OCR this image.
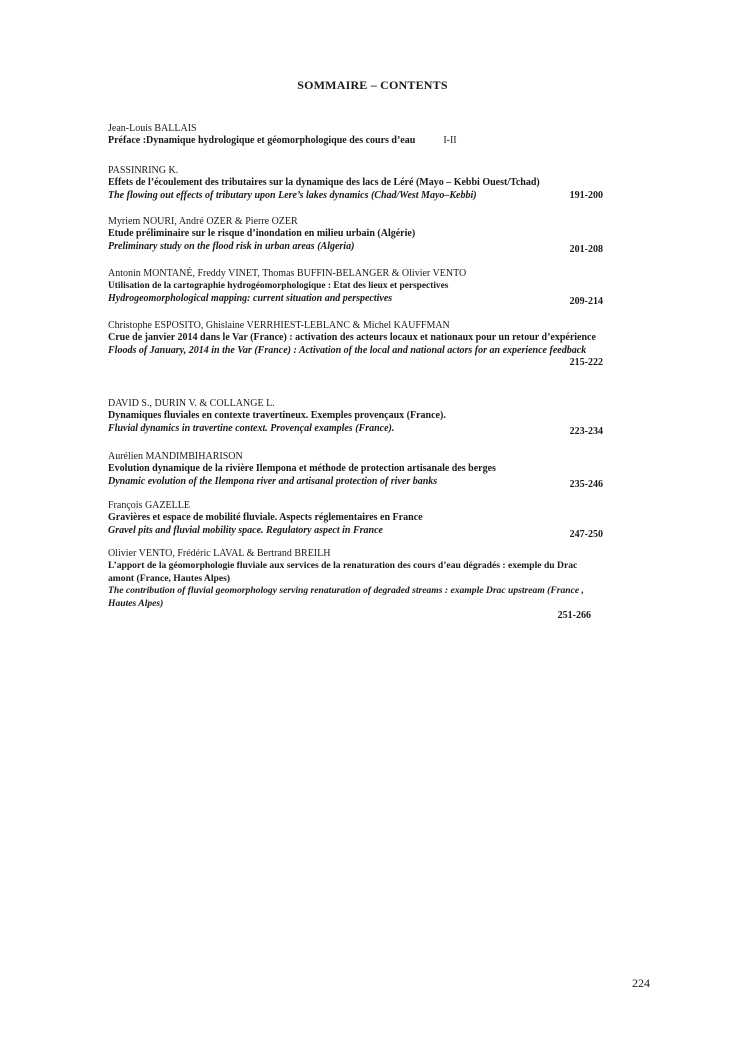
SOMMAIRE – CONTENTS
Jean-Louis BALLAIS
Préface :Dynamique hydrologique et géomorphologique des cours d’eau	I-II
PASSINRING K.
Effets de l’écoulement des tributaires sur la dynamique des lacs de Léré (Mayo – Kebbi Ouest/Tchad)
The flowing out effects of tributary upon Lere’s lakes dynamics (Chad/West Mayo–Kebbi)	191-200
Myriem NOURI, André OZER & Pierre OZER
Etude préliminaire sur le risque d’inondation en milieu urbain (Algérie)
Preliminary study on the flood risk in urban areas (Algeria)	201-208
Antonin MONTANÉ, Freddy VINET, Thomas BUFFIN-BELANGER & Olivier VENTO
Utilisation de la cartographie hydrogéomorphologique : Etat des lieux et perspectives
Hydrogeomorphological mapping: current situation and perspectives	209-214
Christophe ESPOSITO, Ghislaine VERRHIEST-LEBLANC & Michel KAUFFMAN
Crue de janvier 2014 dans le Var (France) : activation des acteurs locaux et nationaux pour un retour d’expérience
Floods of January, 2014 in the Var (France) : Activation of the local and national actors for an experience feedback
215-222
DAVID S., DURIN V. & COLLANGE L.
Dynamiques fluviales en contexte travertineux. Exemples provençaux (France).
Fluvial dynamics in travertine context. Provençal examples (France).	223-234
Aurélien MANDIMBIHARISON
Evolution dynamique de la rivière Ilempona et méthode de protection artisanale des berges
Dynamic evolution of the Ilempona river and artisanal protection of river banks	235-246
François GAZELLE
Gravières et espace de mobilité fluviale. Aspects réglementaires en France
Gravel pits and fluvial mobility space. Regulatory aspect in France	247-250
Olivier VENTO, Frédéric LAVAL & Bertrand BREILH
L’apport de la géomorphologie fluviale aux services de la renaturation des cours d’eau dégradés : exemple du Drac amont (France, Hautes Alpes)
The contribution of fluvial geomorphology serving renaturation of degraded streams : example Drac upstream (France , Hautes Alpes)
251-266
224
